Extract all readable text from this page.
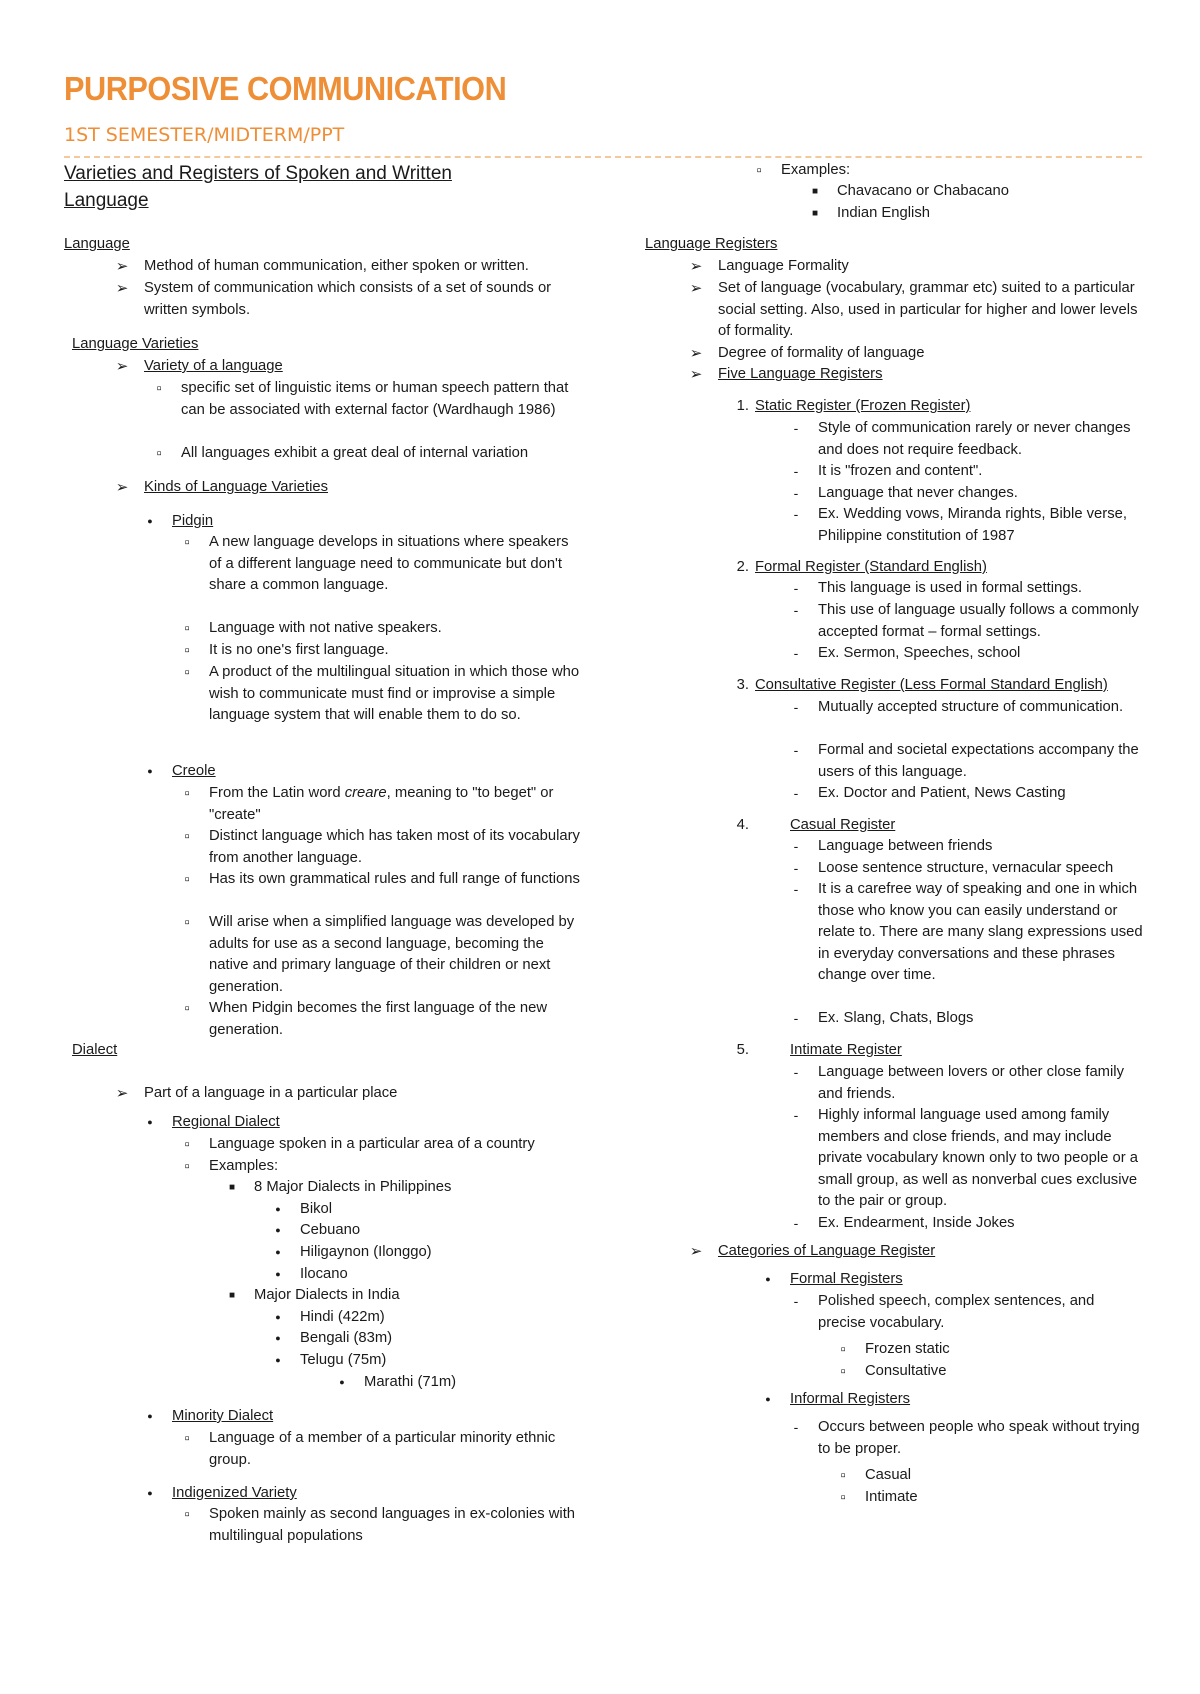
PURPOSIVE COMMUNICATION
1ST SEMESTER/MIDTERM/PPT
Varieties and Registers of Spoken and Written Language
Language
➢ Method of human communication, either spoken or written.
➢ System of communication which consists of a set of sounds or written symbols.
Language Varieties
➢ Variety of a language
▫	specific set of linguistic items or human speech pattern that can be associated with external factor (Wardhaugh 1986)
▫	All languages exhibit a great deal of internal variation
➢ Kinds of Language Varieties
●	Pidgin
▫	A new language develops in situations where speakers of a different language need to communicate but don't share a common language.
▫	Language with not native speakers.
▫	It is no one's first language.
▫	A product of the multilingual situation in which those who wish to communicate must find or improvise a simple language system that will enable them to do so.
●	Creole
▫	From the Latin word creare, meaning to "to beget" or "create"
▫	Distinct language which has taken most of its vocabulary from another language.
▫	Has its own grammatical rules and full range of functions
▫	Will arise when a simplified language was developed by adults for use as a second language, becoming the native and primary language of their children or next generation.
▫	When Pidgin becomes the first language of the new generation.
Dialect
➢ Part of a language in a particular place
●	Regional Dialect
▫	Language spoken in a particular area of a country
▫	Examples:
■	8 Major Dialects in Philippines
●	Bikol
●	Cebuano
●	Hiligaynon (Ilonggo)
●	Ilocano
■	Major Dialects in India
●	Hindi (422m)
●	Bengali (83m)
●	Telugu (75m)
●	Marathi (71m)
●	Minority Dialect
▫	Language of a member of a particular minority ethnic group.
●	Indigenized Variety
▫	Spoken mainly as second languages in ex-colonies with multilingual populations
▫	Examples:
■	Chavacano or Chabacano
■	Indian English
Language Registers
➢ Language Formality
➢ Set of language (vocabulary, grammar etc) suited to a particular social setting. Also, used in particular for higher and lower levels of formality.
➢ Degree of formality of language
➢ Five Language Registers
1. Static Register (Frozen Register)
-	Style of communication rarely or never changes and does not require feedback.
-	It is "frozen and content".
-	Language that never changes.
-	Ex. Wedding vows, Miranda rights, Bible verse, Philippine constitution of 1987
2. Formal Register (Standard English)
-	This language is used in formal settings.
-	This use of language usually follows a commonly accepted format – formal settings.
-	Ex. Sermon, Speeches, school
3. Consultative Register (Less Formal Standard English)
-	Mutually accepted structure of communication.
-	Formal and societal expectations accompany the users of this language.
-	Ex. Doctor and Patient, News Casting
4.	Casual Register
-	Language between friends
-	Loose sentence structure, vernacular speech
-	It is a carefree way of speaking and one in which those who know you can easily understand or relate to. There are many slang expressions used in everyday conversations and these phrases change over time.
-	Ex. Slang, Chats, Blogs
5.	Intimate Register
-	Language between lovers or other close family and friends.
-	Highly informal language used among family members and close friends, and may include private vocabulary known only to two people or a small group, as well as nonverbal cues exclusive to the pair or group.
-	Ex. Endearment, Inside Jokes
➢ Categories of Language Register
●	Formal Registers
-	Polished speech, complex sentences, and precise vocabulary.
▫	Frozen static
▫	Consultative
●	Informal Registers
-	Occurs between people who speak without trying to be proper.
▫	Casual
▫	Intimate
